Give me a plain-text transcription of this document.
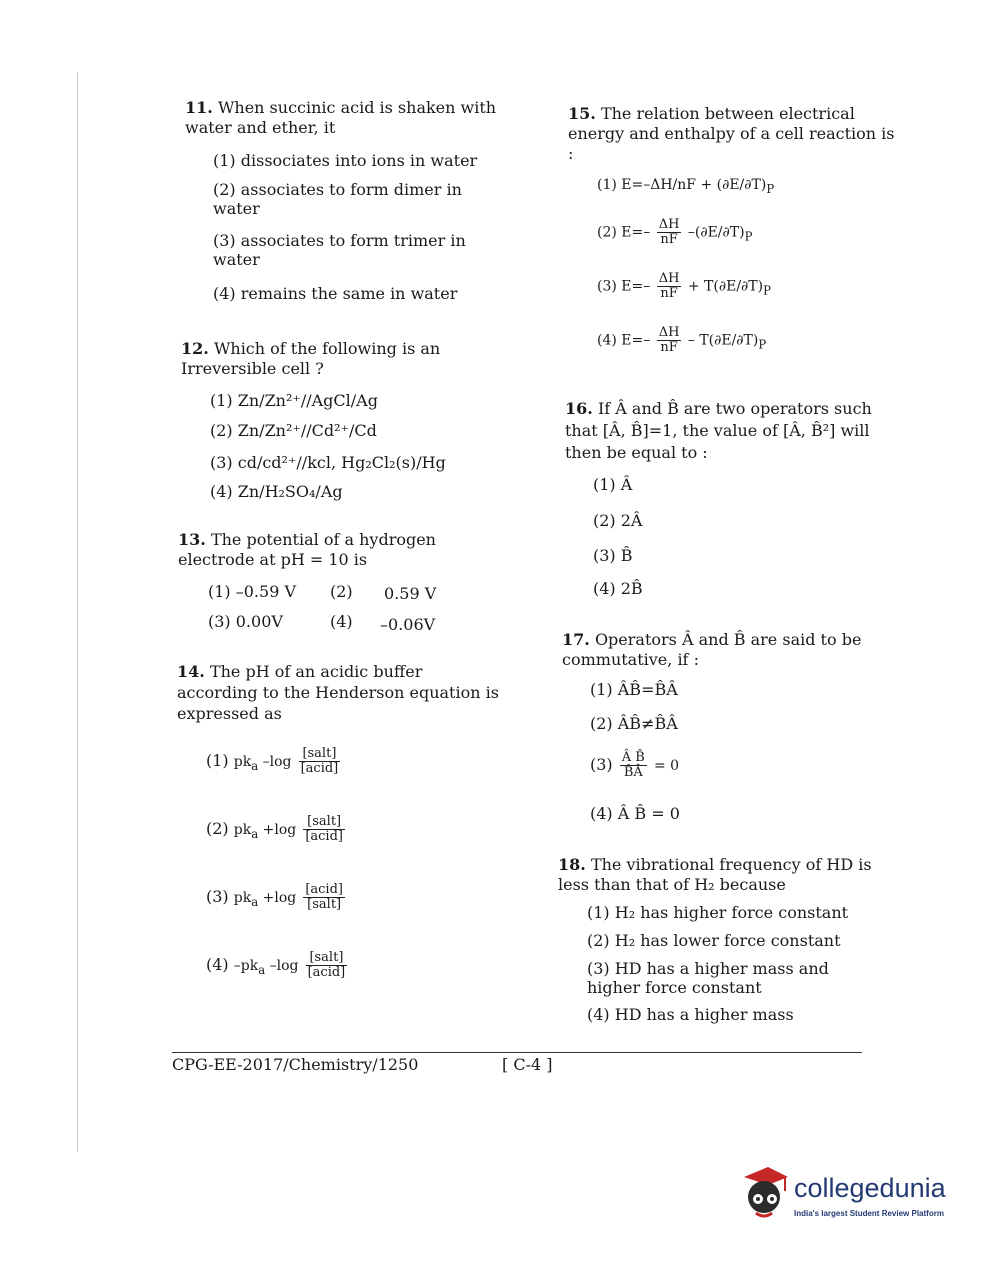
11. When succinic acid is shaken with water and ether, it
(1) dissociates into ions in water
(2) associates to form dimer in water
(3) associates to form trimer in water
(4) remains the same in water
12. Which of the following is an Irreversible cell ?
(1) Zn/Zn²⁺//AgCl/Ag
(2) Zn/Zn²⁺//Cd²⁺/Cd
(3) cd/cd²⁺//kcl, Hg₂Cl₂(s)/Hg
(4) Zn/H₂SO₄/Ag
13. The potential of a hydrogen electrode at pH = 10 is
(1) –0.59 V (2) 0.59 V
(3) 0.00V	(4) –0.06V
14. The pH of an acidic buffer according to the Henderson equation is expressed as
(1) $pk_a$ $-\log \frac{\text{[salt]}}{\text{[acid]}}$
(2) $pk_a +\log \frac{\text{[salt]}}{\text{[acid]}}$
(3) $pk_a +\log \frac{\text{[acid]}}{\text{[salt]}}$
(4) $-pk_a$ $-\log \frac{\text{[salt]}}{\text{[acid]}}$
15. The relation between electrical energy and enthalpy of a cell reaction is :
(1) $E=-\Delta H/nF + (\partial E/\partial T)_P$
(2) $E=- \frac{\Delta H}{nF} -(\partial E/\partial T)_P$
(3) $E=- \frac{\Delta H}{nF} + T(\partial E/\partial T)_P$
(4) $E=- \frac{\Delta H}{nF} - T(\partial E/\partial T)_P$
16. If Â and B̂ are two operators such that [Â, B̂]=1, the value of [Â, B̂²] will then be equal to :
(1) Â
(2) 2Â
(3) B̂
(4) 2B̂
17. Operators Â and B̂ are said to be commutative, if :
(1) ÂB̂=B̂Â
(2) ÂB̂≠B̂Â
$(3) \frac{\text{Â B̂}}{B̂Â} = 0$
(4) Â B̂ = 0
18. The vibrational frequency of HD is less than that of H₂ because
(1) H₂ has higher force constant
(2) H₂ has lower force constant
(3) HD has a higher mass and higher force constant
(4) HD has a higher mass
CPG-EE-2017/Chemistry/1250	[ C-4 ]
collegedunia
India's largest Student Review Platform
